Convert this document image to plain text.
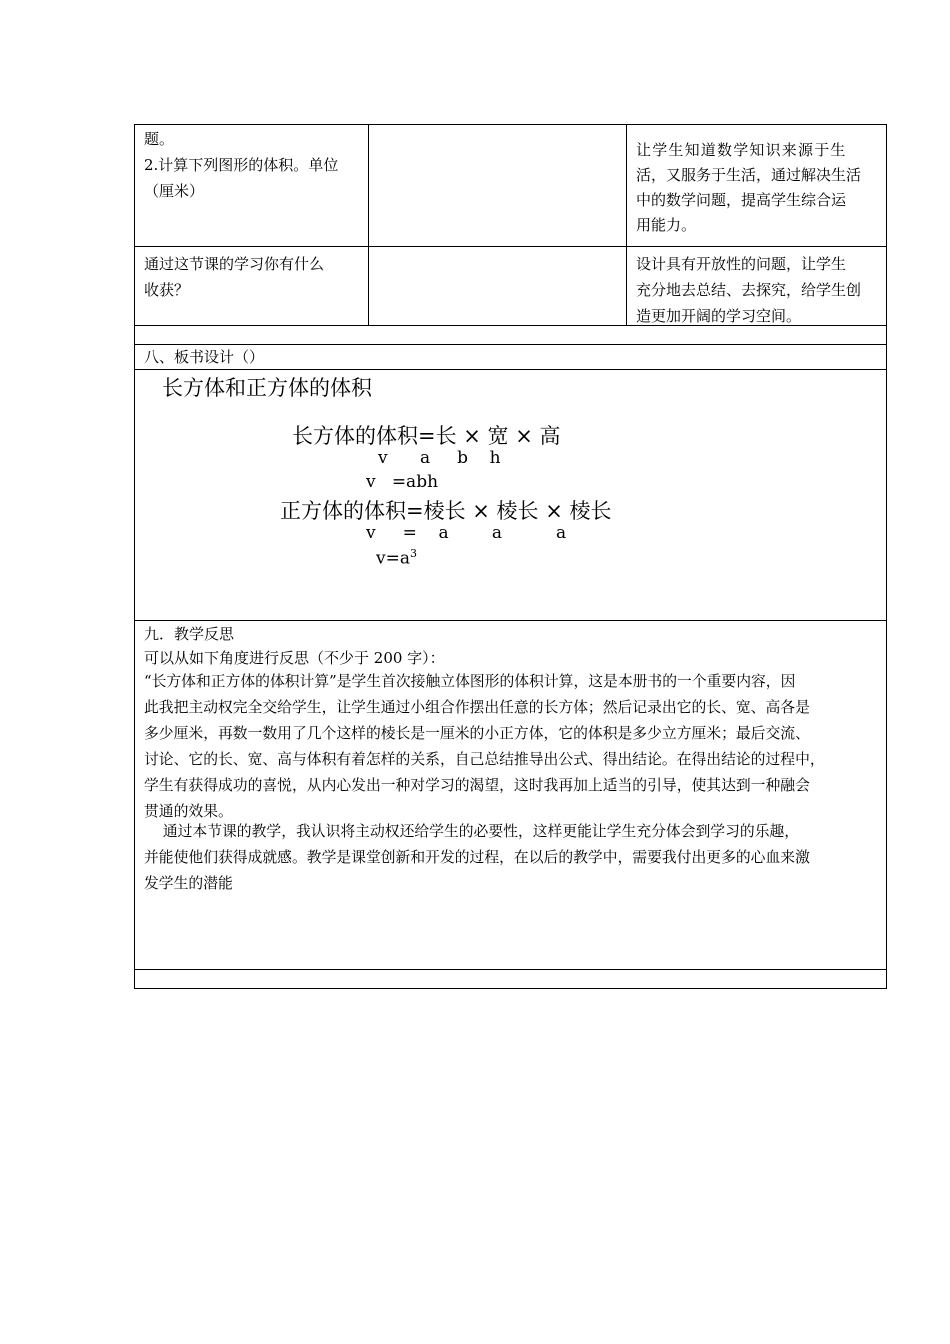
题。
2.计算下列图形的体积。单位
（厘米）
让学生知道数学知识来源于生
活，又服务于生活，通过解决生活
中的数学问题，提高学生综合运
用能力。
通过这节课的学习你有什么
收获？
设计具有开放性的问题，让学生
充分地去总结、去探究，给学生创
造更加开阔的学习空间。
八、板书设计（）
长方体和正方体的体积
长方体的体积=长 × 宽 × 高
v      a     b    h
v   =abh
正方体的体积=棱长 × 棱长 × 棱长
v     =    a        a          a
$v=a^3$
九．教学反思
可以从如下角度进行反思（不少于 200 字）：
“长方体和正方体的体积计算”是学生首次接触立体图形的体积计算，这是本册书的一个重要内容，因
此我把主动权完全交给学生，让学生通过小组合作摆出任意的长方体；然后记录出它的长、宽、高各是
多少厘米，再数一数用了几个这样的棱长是一厘米的小正方体，它的体积是多少立方厘米；最后交流、
讨论、它的长、宽、高与体积有着怎样的关系，自己总结推导出公式、得出结论。在得出结论的过程中，
学生有获得成功的喜悦，从内心发出一种对学习的渴望，这时我再加上适当的引导，使其达到一种融会
贯通的效果。
通过本节课的教学，我认识将主动权还给学生的必要性，这样更能让学生充分体会到学习的乐趣，
并能使他们获得成就感。教学是课堂创新和开发的过程，在以后的教学中，需要我付出更多的心血来激
发学生的潜能
